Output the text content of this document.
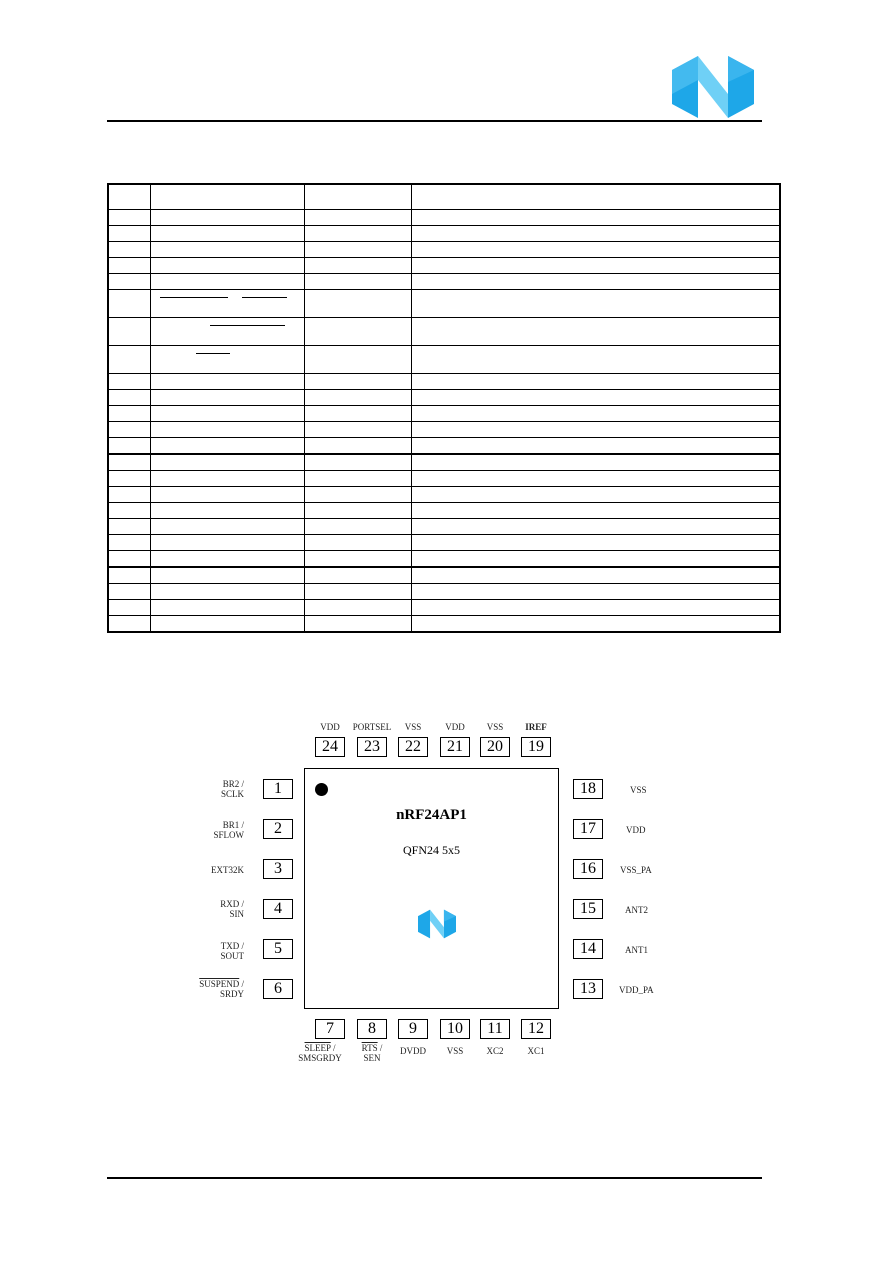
nRF24AP1
QFN24 5x5
1
BR2 /
SCLK
2
BR1 /
SFLOW
3
EXT32K
4
RXD /
SIN
5
TXD /
SOUT
6
SUSPEND /
SRDY
7
SLEEP /
SMSGRDY
8
$\overline{RTS}$ /
SEN
9
DVDD
10
VSS
11
XC2
12
XC1
13	VDD_PA
14	ANT1
15	ANT2
16	VSS_PA
17	VDD
18	VSS
19
IREF
20
VSS
21
VDD
22
VSS
23
PORTSEL
24
VDD
